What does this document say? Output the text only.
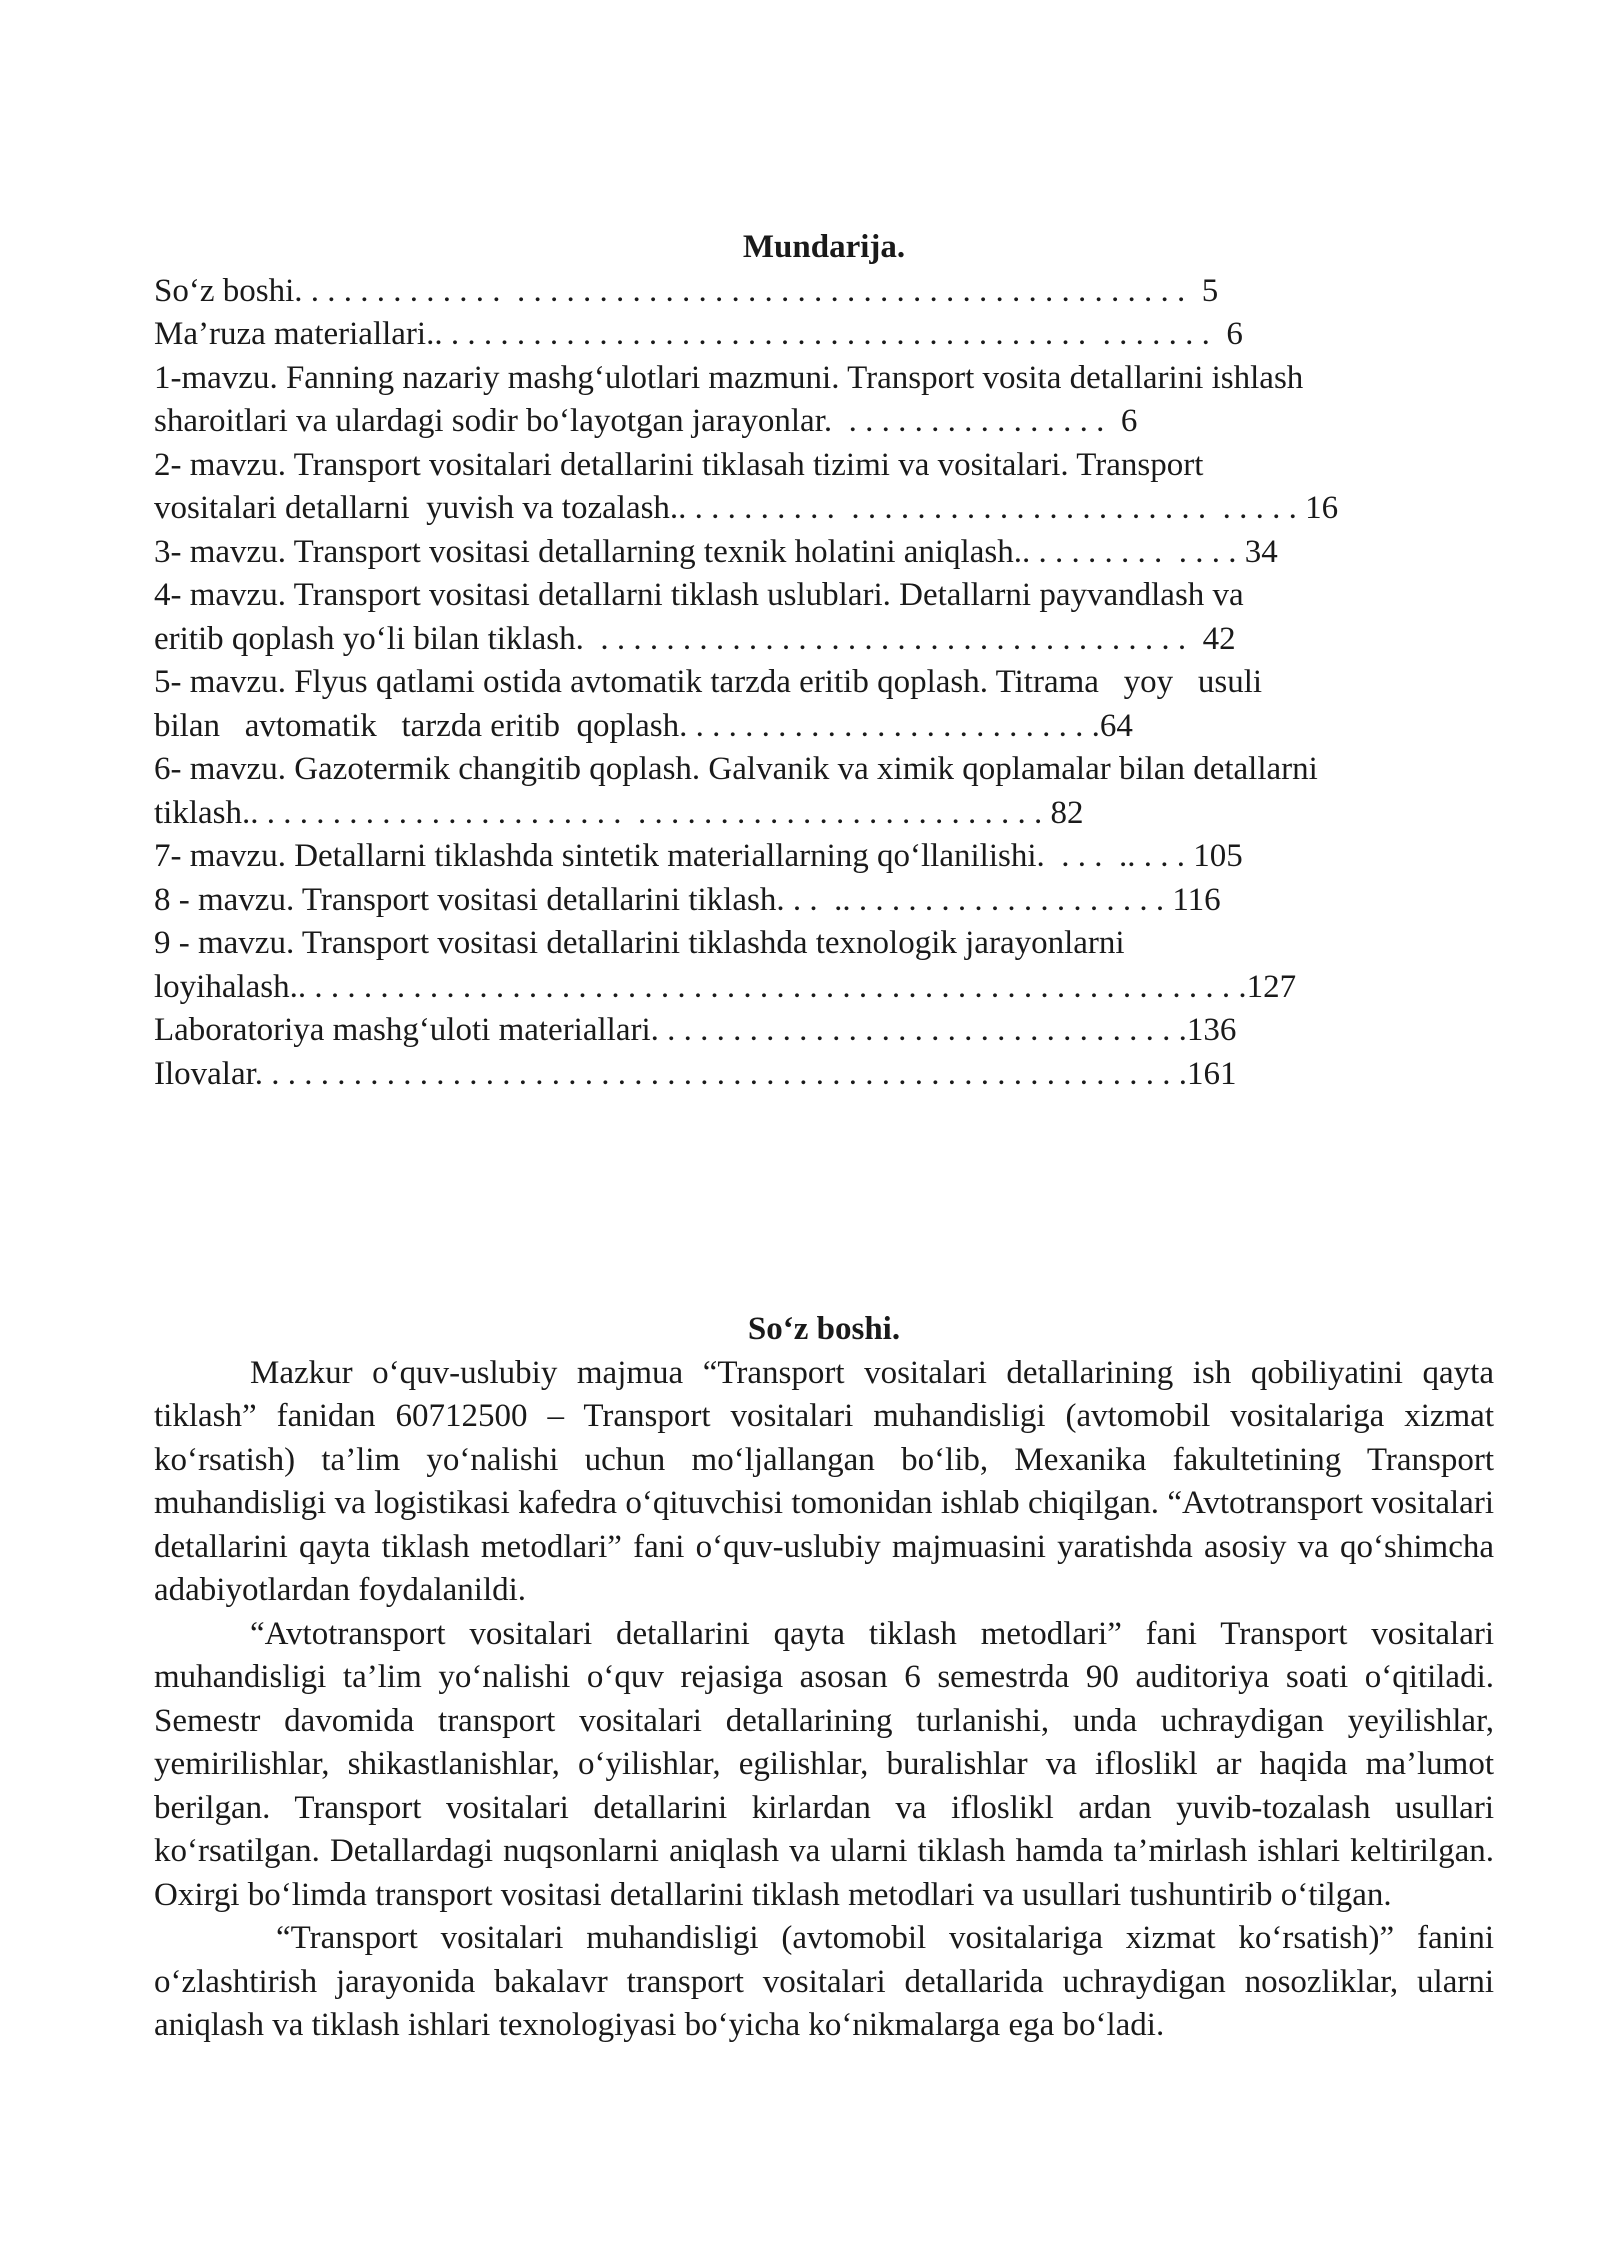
Mundarija.

So‘z boshi. . . . . . . . . . . . .  . . . . . . . . . . . . . . . . . . . . . . . . . . . . . . . . . . . . . . . . .  5
Ma’ruza materiallari.. . . . . . . . . . . . . . . . . . . . . . . . . . . . . . . . . . . . . . . .  . . . . . . .  6
1-mavzu. Fanning nazariy mashg‘ulotlari mazmuni. Transport vosita detallarini ishlash
sharoitlari va ulardagi sodir bo‘layotgan jarayonlar.  . . . . . . . . . . . . . . . .  6
2- mavzu. Transport vositalari detallarini tiklasah tizimi va vositalari. Transport
vositalari detallarni  yuvish va tozalash.. . . . . . . . . .  . . . . . . . . . . . . . . . . . . . . . .  . . . . . 16
3- mavzu. Transport vositasi detallarning texnik holatini aniqlash.. . . . . . . . .  . . . . 34
4- mavzu. Transport vositasi detallarni tiklash uslublari. Detallarni payvandlash va
eritib qoplash yo‘li bilan tiklash.  . . . . . . . . . . . . . . . . . . . . . . . . . . . . . . . . . . . .  42
5- mavzu. Flyus qatlami ostida avtomatik tarzda eritib qoplash. Titrama   yoy   usuli
bilan   avtomatik   tarzda eritib  qoplash. . . . . . . . . . . . . . . . . . . . . . . . . .64
6- mavzu. Gazotermik changitib qoplash. Galvanik va ximik qoplamalar bilan detallarni
tiklash.. . . . . . . . . . . . . . . . . . . . . . .  . . . . . . . . . . . . . . . . . . . . . . . . . 82
7- mavzu. Detallarni tiklashda sintetik materiallarning qo‘llanilishi.  . . .  .. . . . 105
8 - mavzu. Transport vositasi detallarini tiklash. . .  .. . . . . . . . . . . . . . . . . . . . 116
9 - mavzu. Transport vositasi detallarini tiklashda texnologik jarayonlarni
loyihalash.. . . . . . . . . . . . . . . . . . . . . . . . . . . . . . . . . . . . . . . . . . . . . . . . . . . . . . . . . .127
Laboratoriya mashg‘uloti materiallari. . . . . . . . . . . . . . . . . . . . . . . . . . . . . . . . .136
Ilovalar. . . . . . . . . . . . . . . . . . . . . . . . . . . . . . . . . . . . . . . . . . . . . . . . . . . . . . . . .161

So‘z boshi.

Mazkur o‘quv-uslubiy majmua “Transport vositalari detallarining ish qobiliyatini qayta tiklash” fanidan 60712500 – Transport vositalari muhandisligi (avtomobil vositalariga xizmat ko‘rsatish) ta’lim yo‘nalishi uchun mo‘ljallangan bo‘lib, Mexanika fakultetining Transport muhandisligi va logistikasi kafedra o‘qituvchisi tomonidan ishlab chiqilgan. “Avtotransport vositalari detallarini qayta tiklash metodlari” fani o‘quv-uslubiy majmuasini yaratishda asosiy va qo‘shimcha adabiyotlardan foydalanildi.

“Avtotransport vositalari detallarini qayta tiklash metodlari” fani Transport vositalari muhandisligi ta’lim yo‘nalishi o‘quv rejasiga asosan 6 semestrda 90 auditoriya soati o‘qitiladi. Semestr davomida transport vositalari detallarining turlanishi, unda uchraydigan yeyilishlar, yemirilishlar, shikastlanishlar, o‘yilishlar, egilishlar, buralishlar va ifloslikl ar haqida ma’lumot berilgan. Transport vositalari detallarini kirlardan va ifloslikl ardan yuvib-tozalash usullari ko‘rsatilgan. Detallardagi nuqsonlarni aniqlash va ularni tiklash hamda ta’mirlash ishlari keltirilgan. Oxirgi bo‘limda transport vositasi detallarini tiklash metodlari va usullari tushuntirib o‘tilgan.

“Transport vositalari muhandisligi (avtomobil vositalariga xizmat ko‘rsatish)” fanini o‘zlashtirish jarayonida bakalavr transport vositalari detallarida uchraydigan nosozliklar, ularni aniqlash va tiklash ishlari texnologiyasi bo‘yicha ko‘nikmalarga ega bo‘ladi.
